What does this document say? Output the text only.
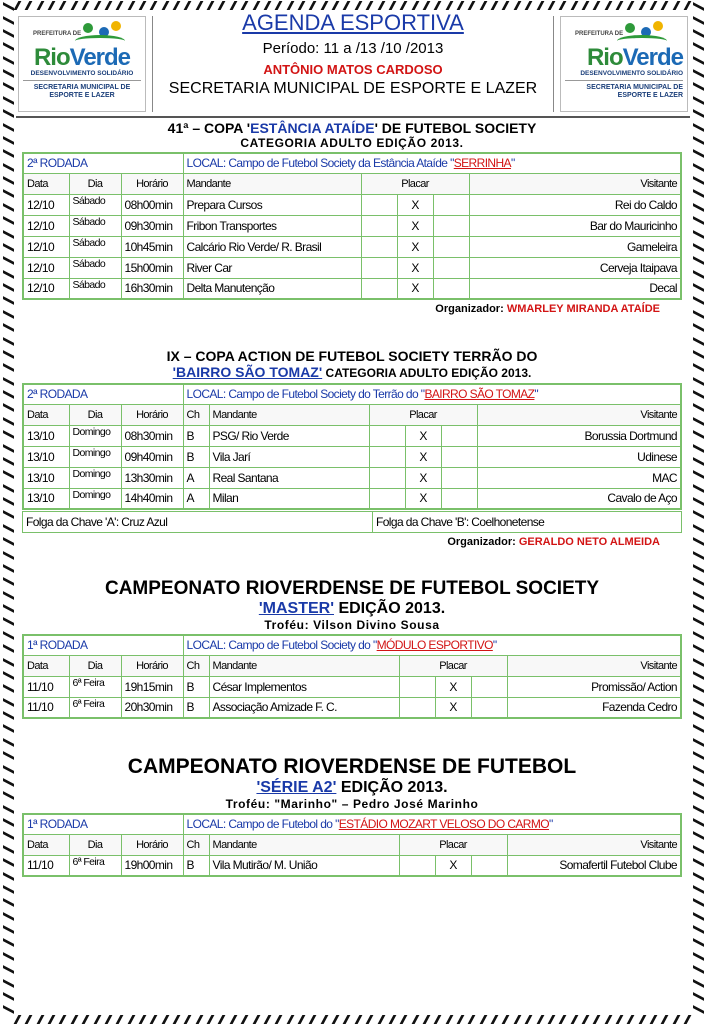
PREFEITURA DE
RioVerde
DESENVOLVIMENTO SOLIDÁRIO
SECRETARIA MUNICIPAL DE
ESPORTE E LAZER
AGENDA ESPORTIVA
Período: 11 a /13 /10 /2013
ANTÔNIO MATOS CARDOSO
SECRETARIA MUNICIPAL DE ESPORTE E LAZER
PREFEITURA DE
RioVerde
DESENVOLVIMENTO SOLIDÁRIO
SECRETARIA MUNICIPAL DE
ESPORTE E LAZER
41ª – COPA 'ESTÂNCIA ATAÍDE' DE FUTEBOL SOCIETY
CATEGORIA ADULTO EDIÇÃO 2013.
2ª RODADA			LOCAL: Campo de Futebol Society da Estância Ataíde "SERRINHA"				
Data	Dia	Horário	Mandante	Placar			Visitante
12/10	Sábado	08h00min	Prepara Cursos		X		Rei do Caldo
12/10	Sábado	09h30min	Fribon Transportes		X		Bar do Mauricinho
12/10	Sábado	10h45min	Calcário Rio Verde/ R. Brasil		X		Gameleira
12/10	Sábado	15h00min	River Car		X		Cerveja Itaipava
12/10	Sábado	16h30min	Delta Manutenção		X		Decal
Organizador: WMARLEY MIRANDA ATAÍDE
IX – COPA ACTION DE FUTEBOL SOCIETY TERRÃO DO
'BAIRRO SÃO TOMAZ' CATEGORIA ADULTO EDIÇÃO 2013.
2ª RODADA			LOCAL: Campo de Futebol Society do Terrão do "BAIRRO SÃO TOMAZ"					
Data	Dia	Horário	Ch	Mandante	Placar			Visitante
13/10	Domingo	08h30min	B	PSG/ Rio Verde		X		Borussia Dortmund
13/10	Domingo	09h40min	B	Vila Jarí		X		Udinese
13/10	Domingo	13h30min	A	Real Santana		X		MAC
13/10	Domingo	14h40min	A	Milan		X		Cavalo de Aço
Folga da Chave 'A': Cruz Azul	Folga da Chave 'B': Coelhonetense
Organizador: GERALDO NETO ALMEIDA
CAMPEONATO RIOVERDENSE DE FUTEBOL SOCIETY
'MASTER' EDIÇÃO 2013.
Troféu: Vilson Divino Sousa
1ª RODADA			LOCAL: Campo de Futebol Society do "MÓDULO ESPORTIVO"					
Data	Dia	Horário	Ch	Mandante	Placar			Visitante
11/10	6ª Feira	19h15min	B	César Implementos		X		Promissão/ Action
11/10	6ª Feira	20h30min	B	Associação Amizade F. C.		X		Fazenda Cedro
CAMPEONATO RIOVERDENSE DE FUTEBOL
'SÉRIE A2' EDIÇÃO 2013.
Troféu: "Marinho" – Pedro José Marinho
1ª RODADA			LOCAL: Campo de Futebol do "ESTÁDIO MOZART VELOSO DO CARMO"					
Data	Dia	Horário	Ch	Mandante	Placar			Visitante
11/10	6ª Feira	19h00min	B	Vila Mutirão/ M. União		X		Somafertil Futebol Clube
